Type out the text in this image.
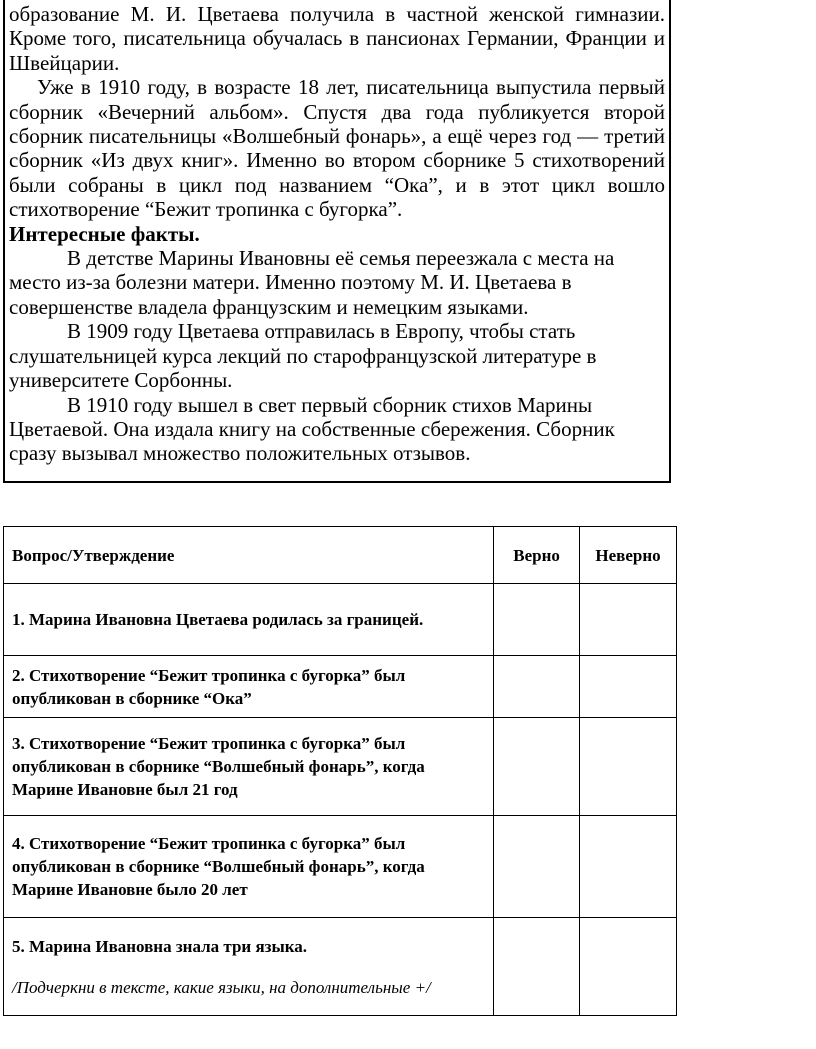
образование М. И. Цветаева получила в частной женской гимназии. Кроме того, писательница обучалась в пансионах Германии, Франции и Швейцарии.

Уже в 1910 году, в возрасте 18 лет, писательница выпустила первый сборник «Вечерний альбом». Спустя два года публикуется второй сборник писательницы «Волшебный фонарь», а ещё через год — третий сборник «Из двух книг». Именно во втором сборнике 5 стихотворений были собраны в цикл под названием “Ока”, и в этот цикл вошло стихотворение “Бежит тропинка с бугорка”.

Интересные факты.

В детстве Марины Ивановны её семья переезжала с места на место из-за болезни матери. Именно поэтому М. И. Цветаева в совершенстве владела французским и немецким языками.

В 1909 году Цветаева отправилась в Европу, чтобы стать слушательницей курса лекций по старофранцузской литературе в университете Сорбонны.

В 1910 году вышел в свет первый сборник стихов Марины Цветаевой. Она издала книгу на собственные сбережения. Сборник сразу вызывал множество положительных отзывов.

Вопрос/Утверждение	Верно	Неверно
1. Марина Ивановна Цветаева родилась за границей.		
2. Стихотворение “Бежит тропинка с бугорка” был опубликован в сборнике “Ока”		
3. Стихотворение “Бежит тропинка с бугорка” был опубликован в сборнике “Волшебный фонарь”, когда Марине Ивановне был 21 год		
4. Стихотворение “Бежит тропинка с бугорка” был опубликован в сборнике “Волшебный фонарь”, когда Марине Ивановне было 20 лет		
5. Марина Ивановна знала три языка.
/Подчеркни в тексте, какие языки, на дополнительные +/		
